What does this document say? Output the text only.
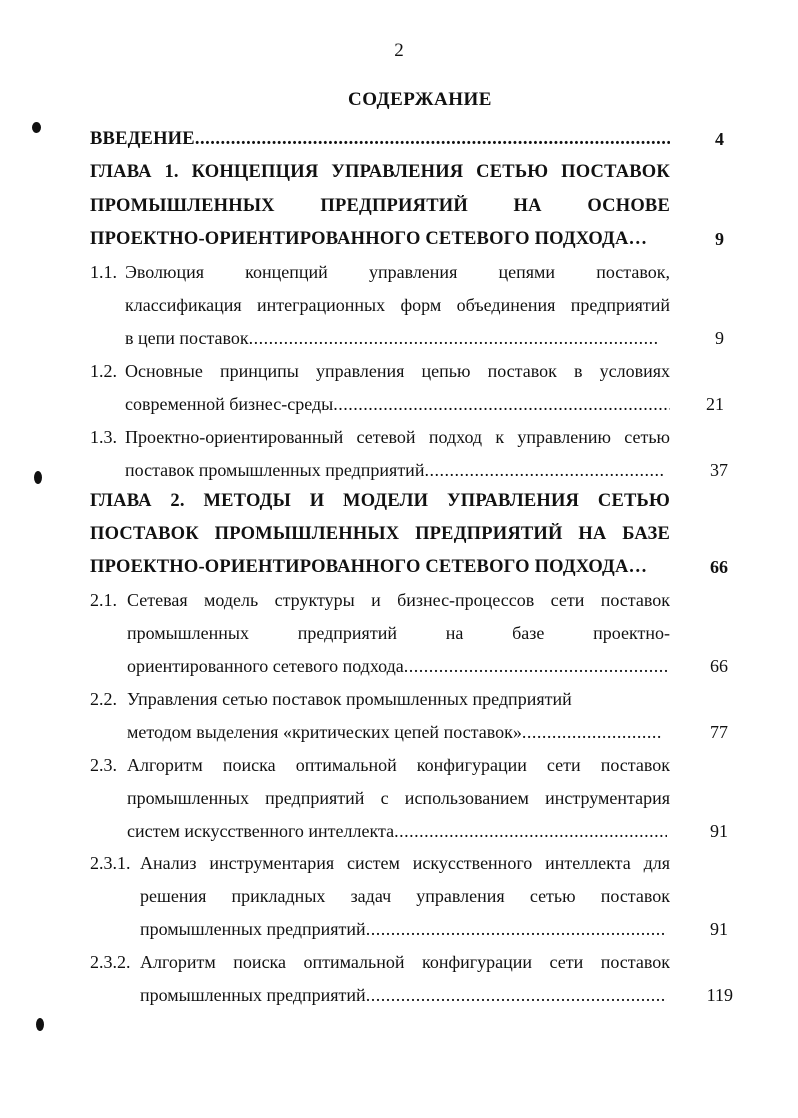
2
СОДЕРЖАНИЕ
ВВЕДЕНИЕ .....	4
ГЛАВА 1. КОНЦЕПЦИЯ УПРАВЛЕНИЯ СЕТЬЮ ПОСТАВОК
ПРОМЫШЛЕННЫХ ПРЕДПРИЯТИЙ НА ОСНОВЕ
ПРОЕКТНО-ОРИЕНТИРОВАННОГО СЕТЕВОГО ПОДХОДА…	9
1.1. Эволюция концепций управления цепями поставок,
классификация интеграционных форм объединения предприятий
в цепи поставок .....	9
1.2. Основные принципы управления цепью поставок в условиях
современной бизнес-среды .....	21
1.3. Проектно-ориентированный сетевой подход к управлению сетью
поставок промышленных предприятий .....	37
ГЛАВА 2. МЕТОДЫ И МОДЕЛИ УПРАВЛЕНИЯ СЕТЬЮ
ПОСТАВОК ПРОМЫШЛЕННЫХ ПРЕДПРИЯТИЙ НА БАЗЕ
ПРОЕКТНО-ОРИЕНТИРОВАННОГО СЕТЕВОГО ПОДХОДА…	66
2.1. Сетевая модель структуры и бизнес-процессов сети поставок
промышленных предприятий на базе проектно-
ориентированного сетевого подхода .....	66
2.2. Управления сетью поставок промышленных предприятий
методом выделения «критических цепей поставок» .....	77
2.3. Алгоритм поиска оптимальной конфигурации сети поставок
промышленных предприятий с использованием инструментария
систем искусственного интеллекта .....	91
2.3.1. Анализ инструментария систем искусственного интеллекта для
решения прикладных задач управления сетью поставок
промышленных предприятий .....	91
2.3.2. Алгоритм поиска оптимальной конфигурации сети поставок
промышленных предприятий .....	119
